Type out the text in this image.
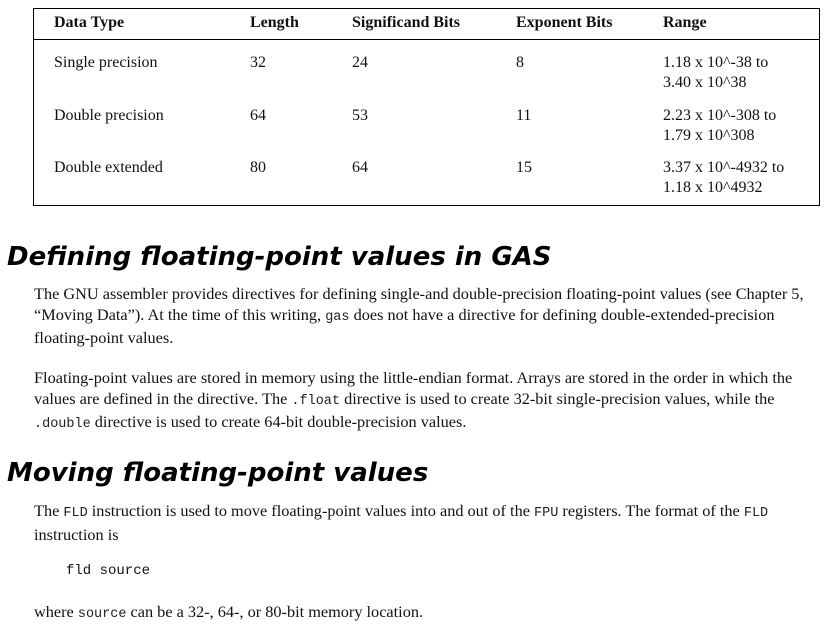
Data Type	Length	Significand Bits	Exponent Bits	Range
Single precision	32	24	8	1.18 x 10^-38 to
3.40 x 10^38
Double precision	64	53	11	2.23 x 10^-308 to
1.79 x 10^308
Double extended	80	64	15	3.37 x 10^-4932 to
1.18 x 10^4932
Defining floating-point values in GAS

The GNU assembler provides directives for defining single-and double-precision floating-point values (see Chapter 5, “Moving Data”). At the time of this writing, gas does not have a directive for defining double-extended-precision floating-point values.

Floating-point values are stored in memory using the little-endian format. Arrays are stored in the order in which the values are defined in the directive. The .float directive is used to create 32-bit single-precision values, while the .double directive is used to create 64-bit double-precision values.

Moving floating-point values

The FLD instruction is used to move floating-point values into and out of the FPU registers. The format of the FLD instruction is

fld source

where source can be a 32-, 64-, or 80-bit memory location.
